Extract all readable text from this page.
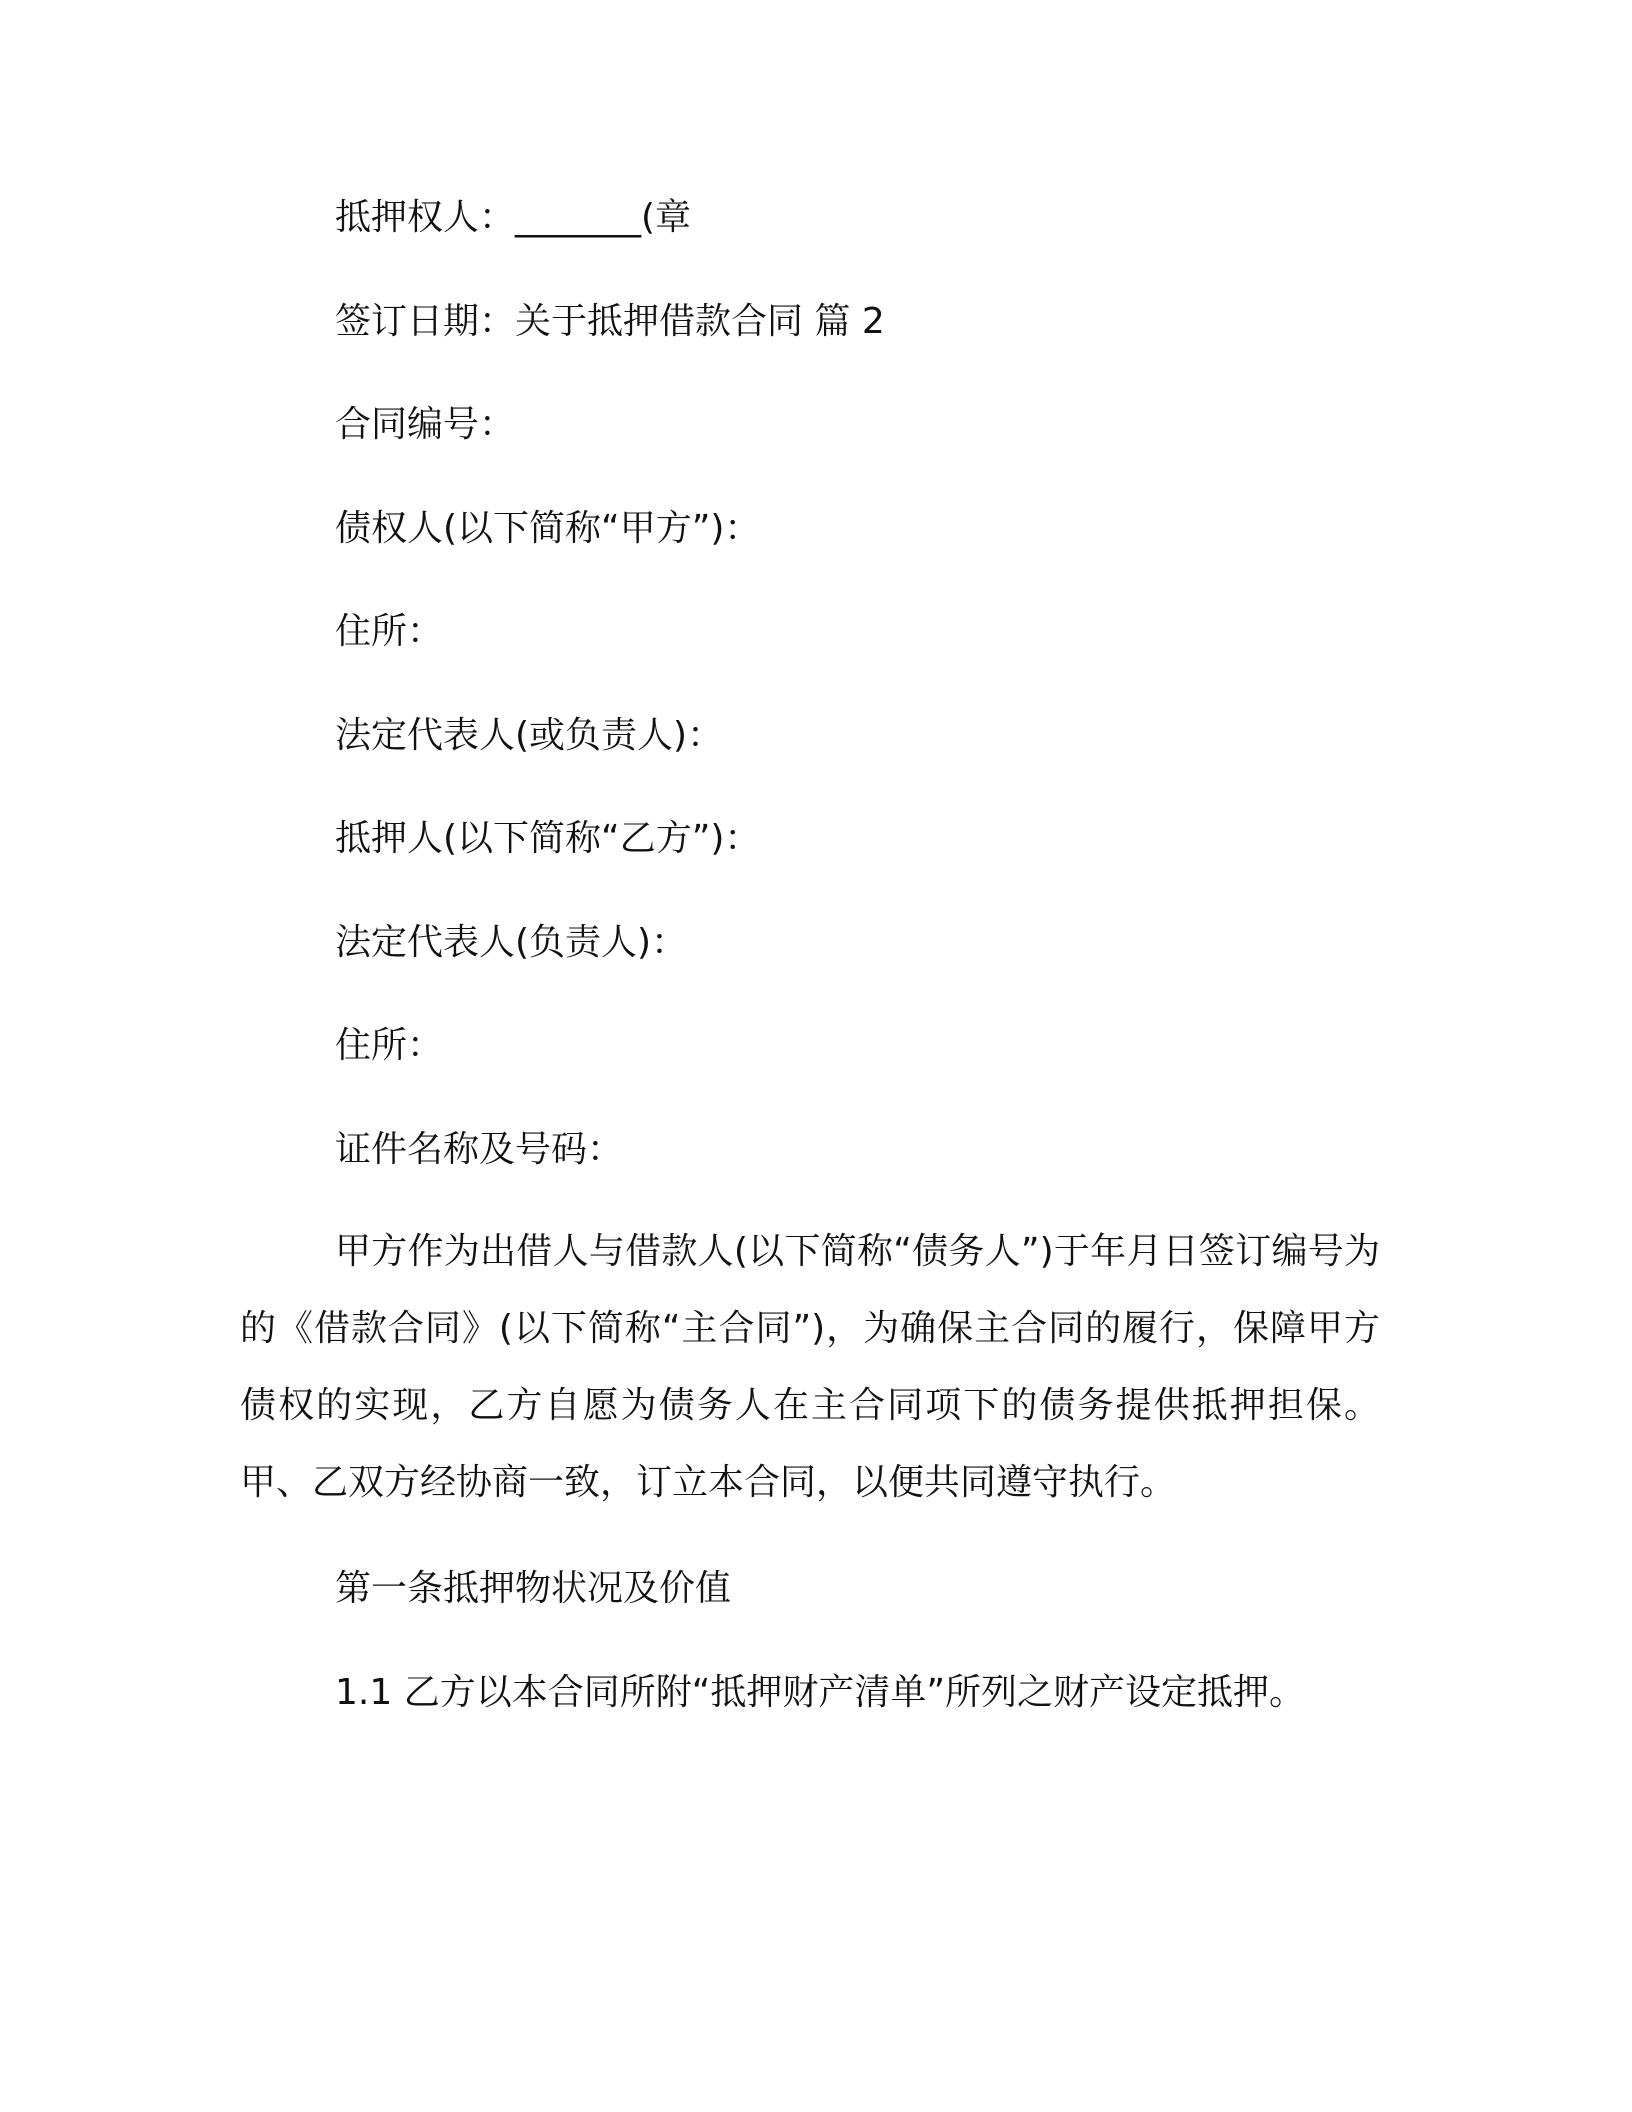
抵押权人：_______(章
签订日期：关于抵押借款合同 篇 2
合同编号：
债权人(以下简称“甲方”)：
住所：
法定代表人(或负责人)：
抵押人(以下简称“乙方”)：
法定代表人(负责人)：
住所：
证件名称及号码：
甲方作为出借人与借款人(以下简称“债务人”)于年月日签订编号为的《借款合同》(以下简称“主合同”)，为确保主合同的履行，保障甲方债权的实现，乙方自愿为债务人在主合同项下的债务提供抵押担保。甲、乙双方经协商一致，订立本合同，以便共同遵守执行。
第一条抵押物状况及价值
1.1 乙方以本合同所附“抵押财产清单”所列之财产设定抵押。
